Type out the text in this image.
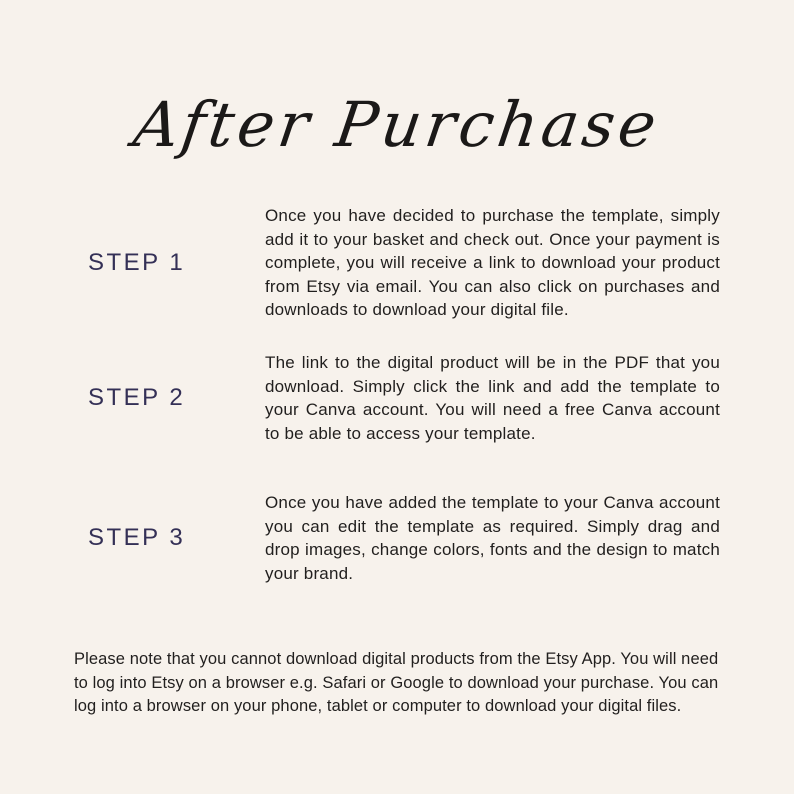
After Purchase
STEP 1
Once you have decided to purchase the template, simply add it to your basket and check out. Once your payment is complete, you will receive a link to download your product from Etsy via email. You can also click on purchases and downloads to download your digital file.
STEP 2
The link to the digital product will be in the PDF that you download. Simply click the link and add the template to your Canva account. You will need a free Canva account to be able to access your template.
STEP 3
Once you have added the template to your Canva account you can edit the template as required. Simply drag and drop images, change colors, fonts and the design to match your brand.
Please note that you cannot download digital products from the Etsy App. You will need to log into Etsy on a browser e.g. Safari or Google to download your purchase. You can log into a browser on your phone, tablet or computer to download your digital files.
